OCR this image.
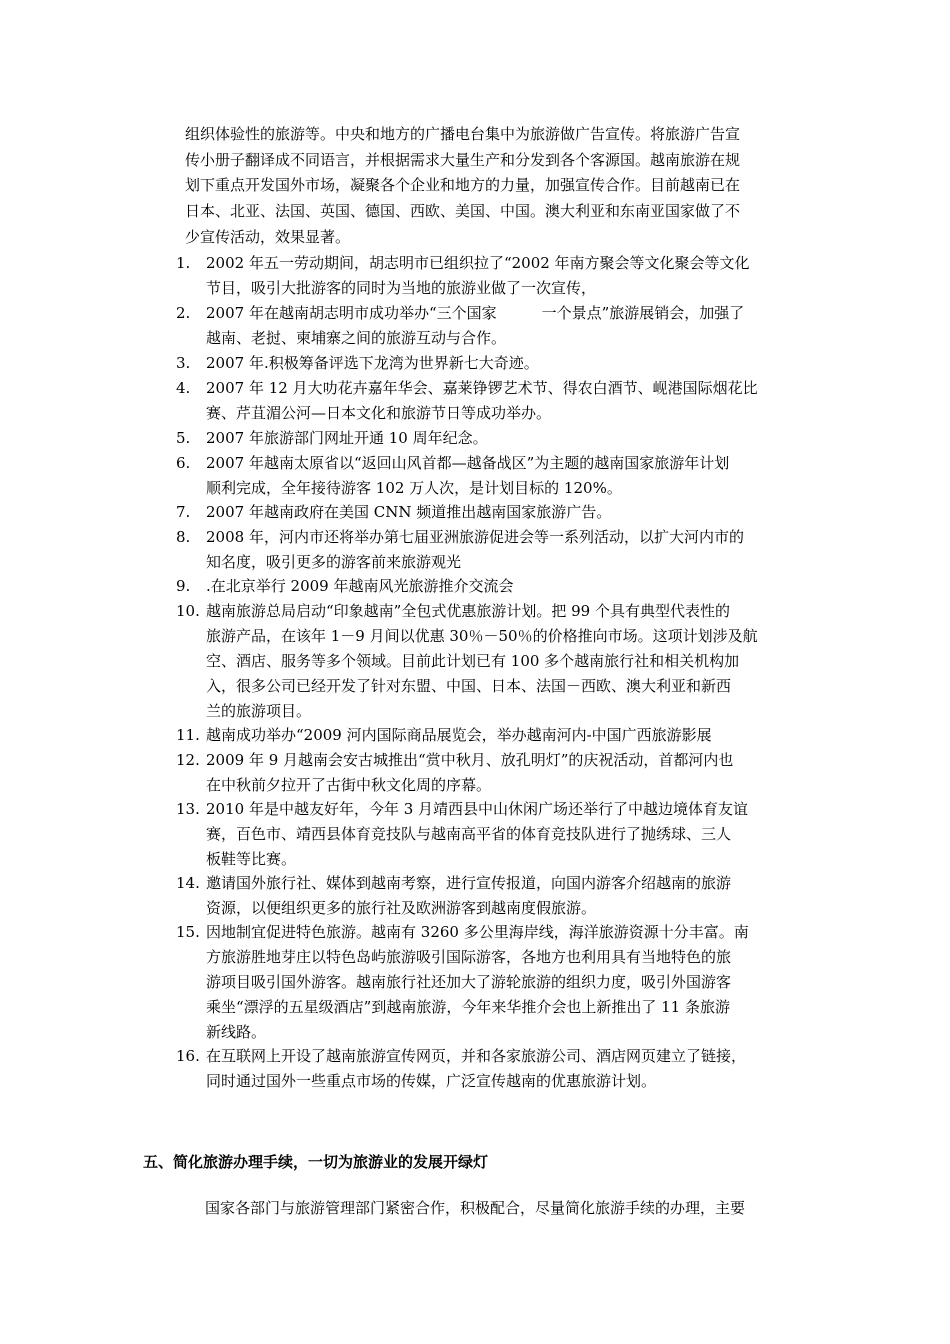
组织体验性的旅游等。中央和地方的广播电台集中为旅游做广告宣传。将旅游广告宣
传小册子翻译成不同语言，并根据需求大量生产和分发到各个客源国。越南旅游在规
划下重点开发国外市场，凝聚各个企业和地方的力量，加强宣传合作。目前越南已在
日本、北亚、法国、英国、德国、西欧、美国、中国。澳大利亚和东南亚国家做了不
少宣传活动，效果显著。
1.	2002 年五一劳动期间，胡志明市已组织拉了“2002 年南方聚会等文化聚会等文化
节目，吸引大批游客的同时为当地的旅游业做了一次宣传，
2.	2007 年在越南胡志明市成功举办“三个国家　　　一个景点”旅游展销会，加强了
越南、老挝、柬埔寨之间的旅游互动与合作。
3.	2007 年.积极筹备评选下龙湾为世界新七大奇迹。
4.	2007 年 12 月大叻花卉嘉年华会、嘉莱铮锣艺术节、得农白酒节、岘港国际烟花比
赛、芹苴湄公河—日本文化和旅游节日等成功举办。
5.	2007 年旅游部门网址开通 10 周年纪念。
6.	2007 年越南太原省以“返回山风首都—越备战区”为主题的越南国家旅游年计划
顺利完成，全年接待游客 102 万人次，是计划目标的 120%。
7.	2007 年越南政府在美国 CNN 频道推出越南国家旅游广告。
8.	2008 年，河内市还将举办第七届亚洲旅游促进会等一系列活动，以扩大河内市的
知名度，吸引更多的游客前来旅游观光
9.	.在北京举行 2009 年越南风光旅游推介交流会
10. 越南旅游总局启动“印象越南”全包式优惠旅游计划。把 99 个具有典型代表性的
旅游产品，在该年 1－9 月间以优惠 30％－50％的价格推向市场。这项计划涉及航
空、酒店、服务等多个领域。目前此计划已有 100 多个越南旅行社和相关机构加
入，很多公司已经开发了针对东盟、中国、日本、法国－西欧、澳大利亚和新西
兰的旅游项目。
11. 越南成功举办“2009 河内国际商品展览会，举办越南河内-中国广西旅游影展
12. 2009 年 9 月越南会安古城推出“赏中秋月、放孔明灯”的庆祝活动，首都河内也
在中秋前夕拉开了古街中秋文化周的序幕。
13. 2010 年是中越友好年，今年 3 月靖西县中山休闲广场还举行了中越边境体育友谊
赛，百色市、靖西县体育竞技队与越南高平省的体育竞技队进行了抛绣球、三人
板鞋等比赛。
14. 邀请国外旅行社、媒体到越南考察，进行宣传报道，向国内游客介绍越南的旅游
资源，以便组织更多的旅行社及欧洲游客到越南度假旅游。
15. 因地制宜促进特色旅游。越南有 3260 多公里海岸线，海洋旅游资源十分丰富。南
方旅游胜地芽庄以特色岛屿旅游吸引国际游客，各地方也利用具有当地特色的旅
游项目吸引国外游客。越南旅行社还加大了游轮旅游的组织力度，吸引外国游客
乘坐“漂浮的五星级酒店”到越南旅游，今年来华推介会也上新推出了 11 条旅游
新线路。
16. 在互联网上开设了越南旅游宣传网页，并和各家旅游公司、酒店网页建立了链接，
同时通过国外一些重点市场的传媒，广泛宣传越南的优惠旅游计划。
五、简化旅游办理手续，一切为旅游业的发展开绿灯
国家各部门与旅游管理部门紧密合作，积极配合，尽量简化旅游手续的办理，主要
